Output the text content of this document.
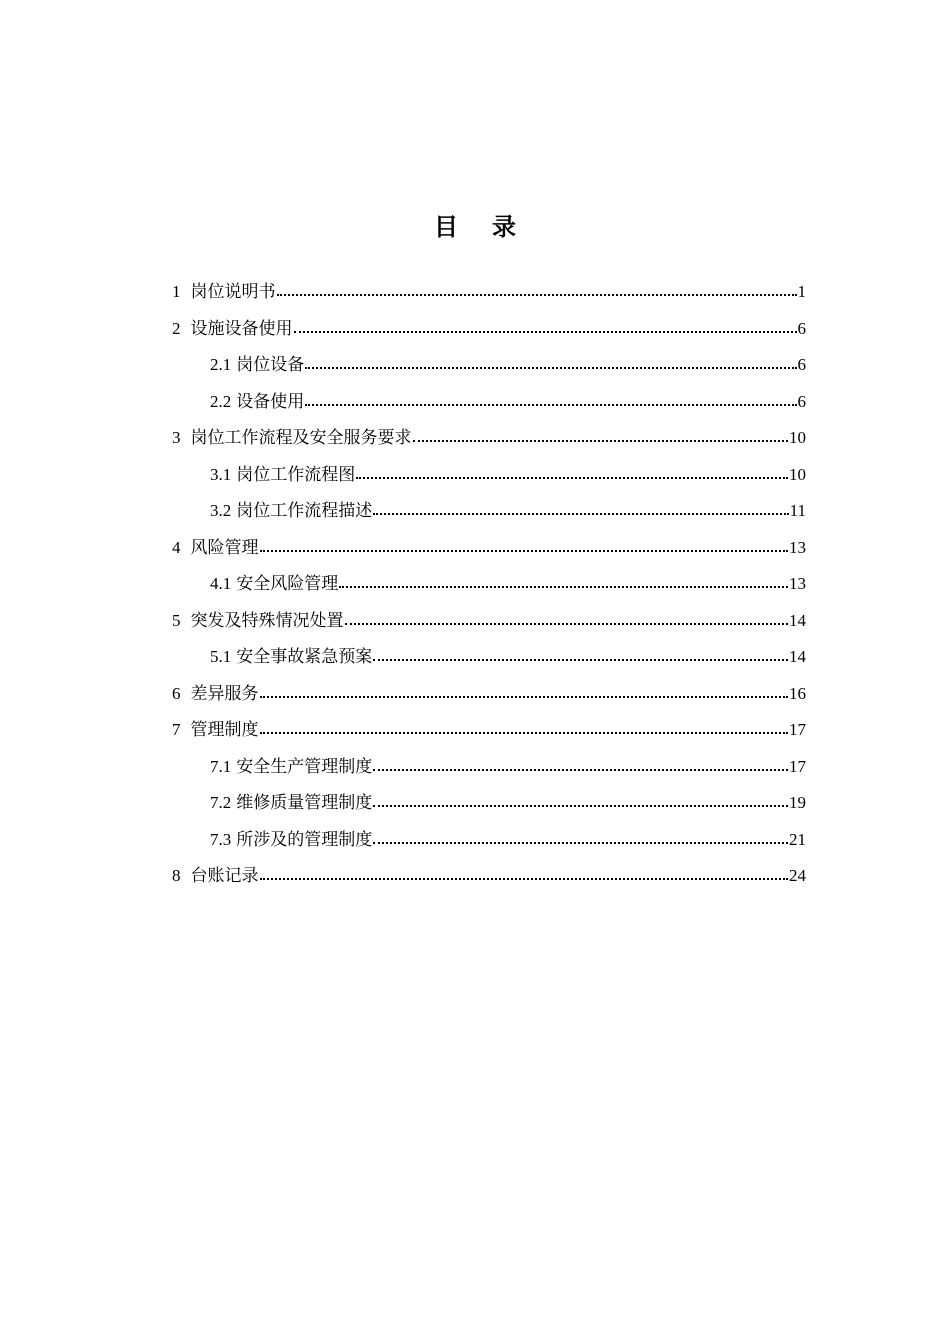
目 录
1 岗位说明书	1
2 设施设备使用	6
2.1 岗位设备	6
2.2 设备使用	6
3 岗位工作流程及安全服务要求	10
3.1 岗位工作流程图	10
3.2 岗位工作流程描述	11
4 风险管理	13
4.1 安全风险管理	13
5 突发及特殊情况处置	14
5.1 安全事故紧急预案	14
6 差异服务	16
7 管理制度	17
7.1 安全生产管理制度	17
7.2 维修质量管理制度	19
7.3 所涉及的管理制度	21
8 台账记录	24
